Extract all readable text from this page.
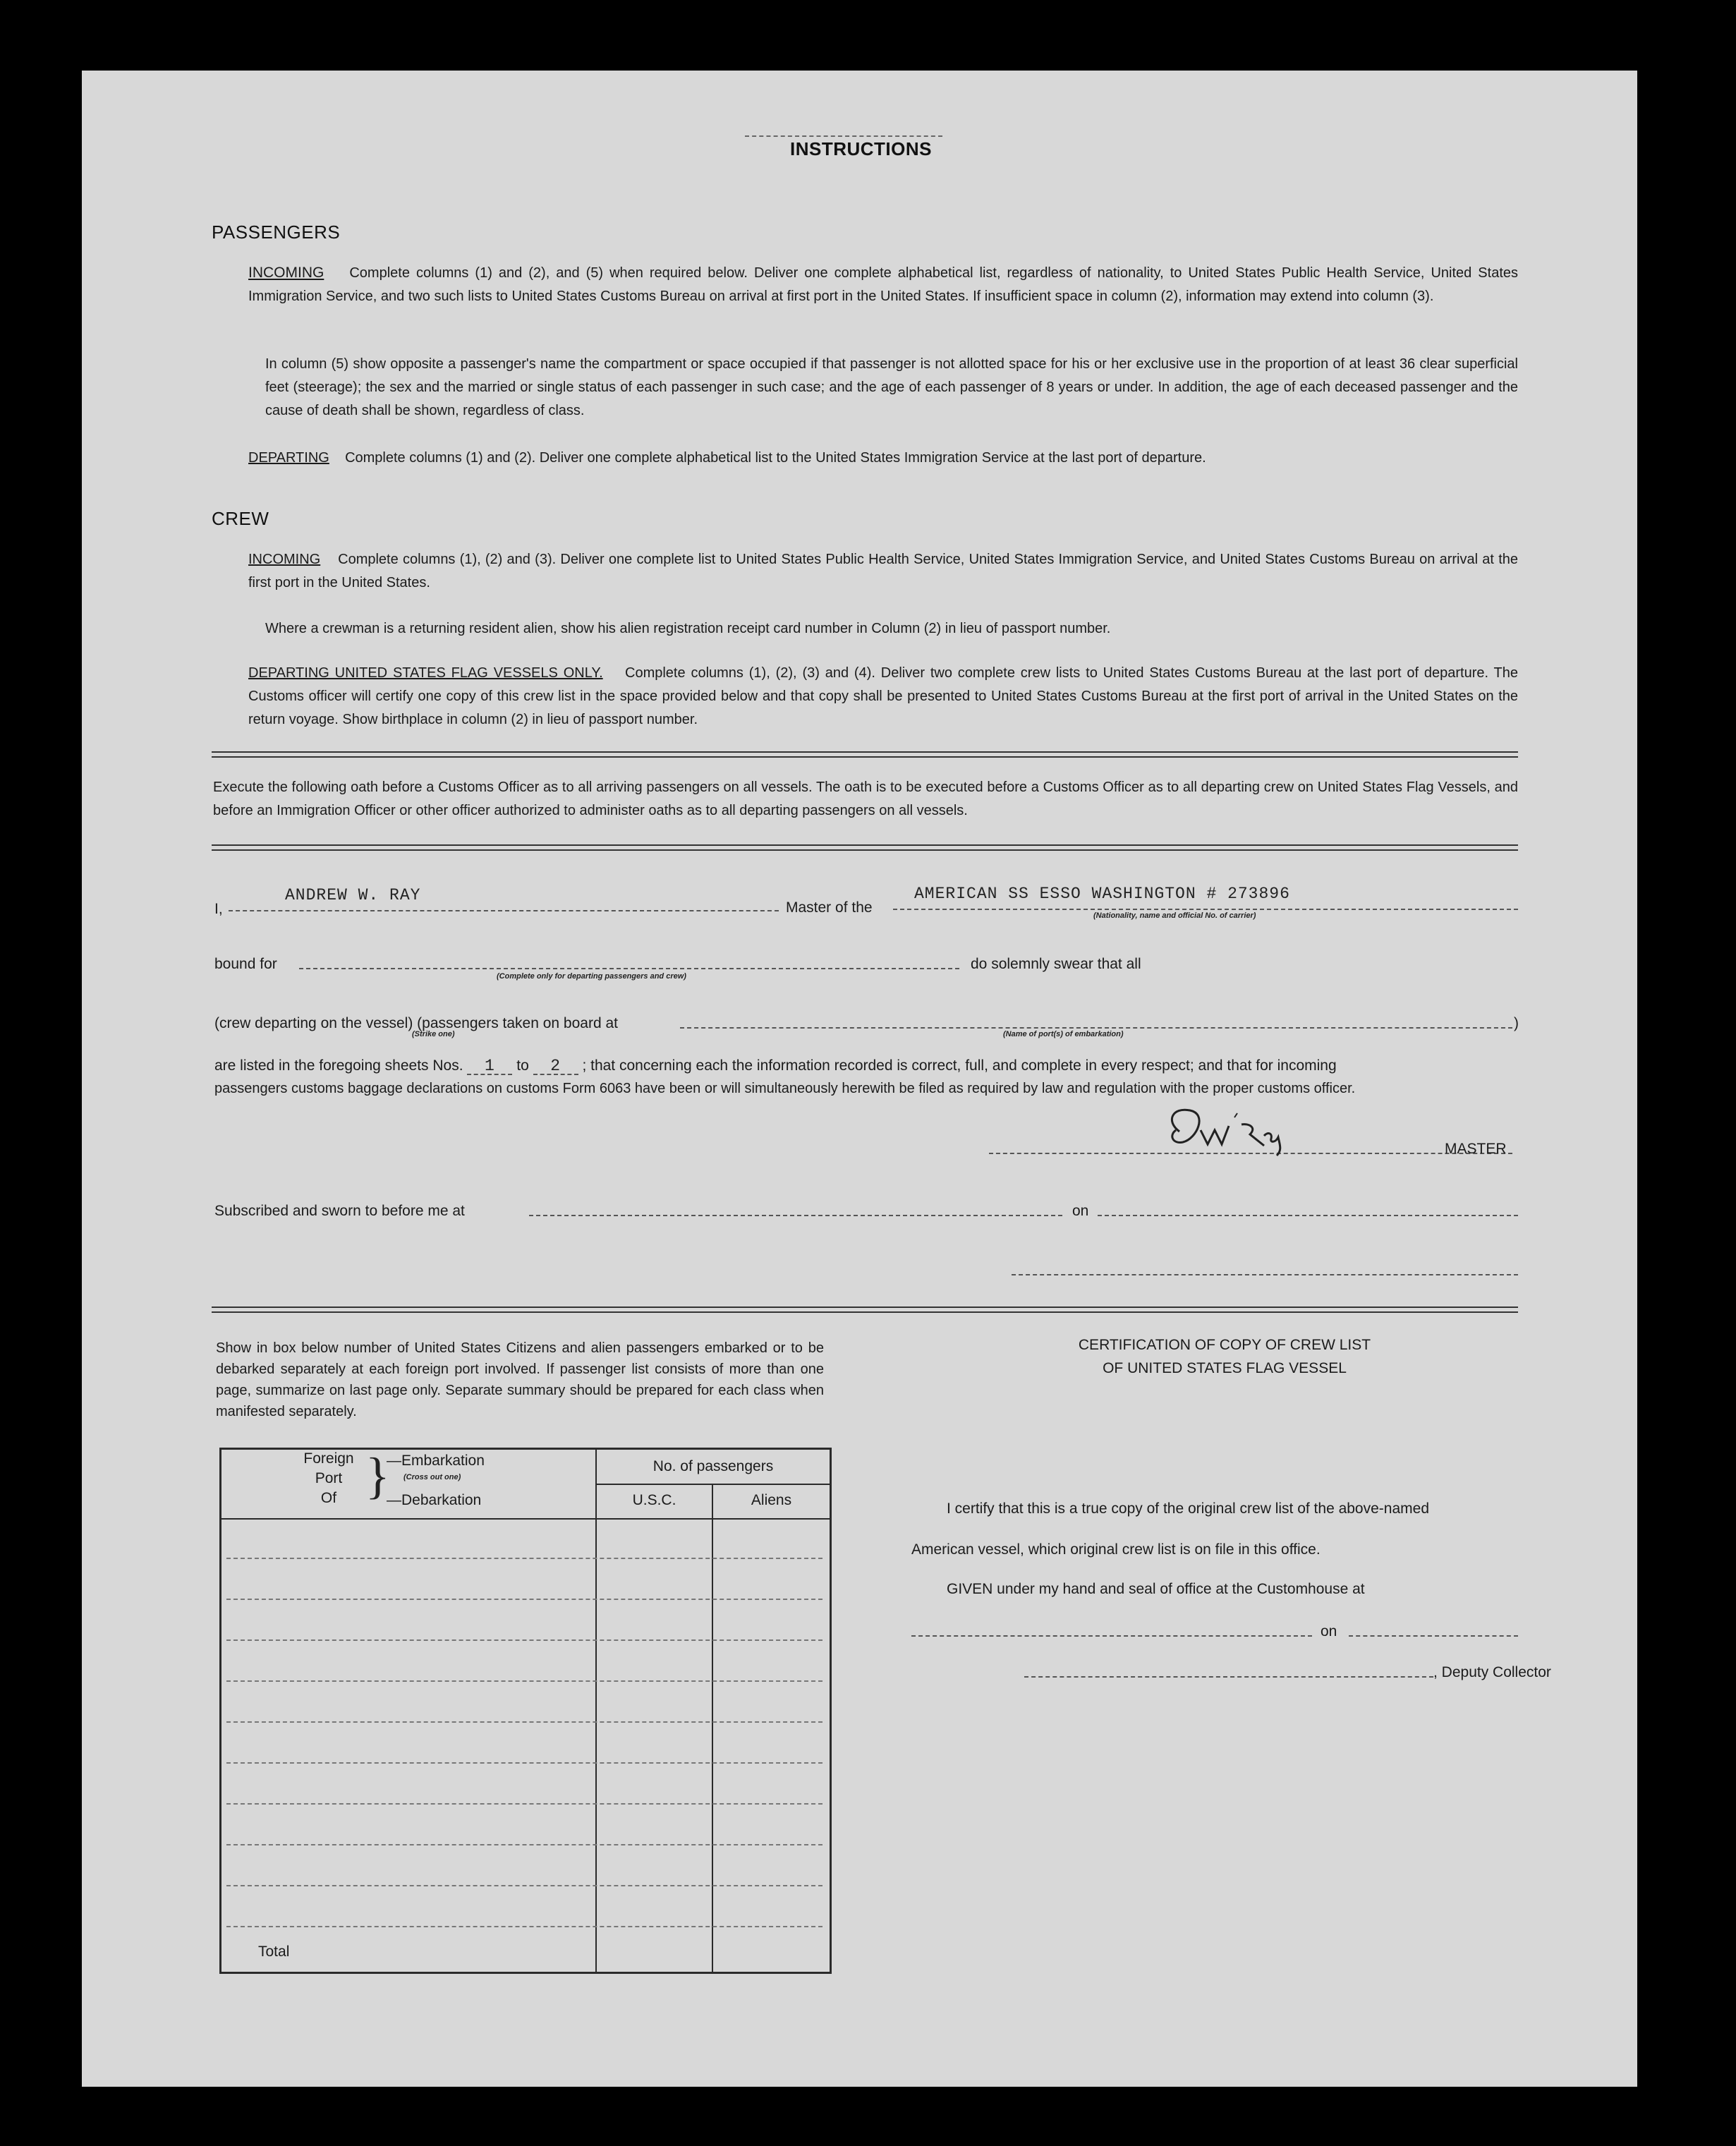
INSTRUCTIONS
PASSENGERS
INCOMING Complete columns (1) and (2), and (5) when required below. Deliver one complete alphabetical list, regardless of nationality, to United States Public Health Service, United States Immigration Service, and two such lists to United States Customs Bureau on arrival at first port in the United States. If insufficient space in column (2), information may extend into column (3).
In column (5) show opposite a passenger's name the compartment or space occupied if that passenger is not allotted space for his or her exclusive use in the proportion of at least 36 clear superficial feet (steerage); the sex and the married or single status of each passenger in such case; and the age of each passenger of 8 years or under. In addition, the age of each deceased passenger and the cause of death shall be shown, regardless of class.
DEPARTING Complete columns (1) and (2). Deliver one complete alphabetical list to the United States Immigration Service at the last port of departure.
CREW
INCOMING Complete columns (1), (2) and (3). Deliver one complete list to United States Public Health Service, United States Immigration Service, and United States Customs Bureau on arrival at the first port in the United States.
Where a crewman is a returning resident alien, show his alien registration receipt card number in Column (2) in lieu of passport number.
DEPARTING UNITED STATES FLAG VESSELS ONLY. Complete columns (1), (2), (3) and (4). Deliver two complete crew lists to United States Customs Bureau at the last port of departure. The Customs officer will certify one copy of this crew list in the space provided below and that copy shall be presented to United States Customs Bureau at the first port of arrival in the United States on the return voyage. Show birthplace in column (2) in lieu of passport number.
Execute the following oath before a Customs Officer as to all arriving passengers on all vessels. The oath is to be executed before a Customs Officer as to all departing crew on United States Flag Vessels, and before an Immigration Officer or other officer authorized to administer oaths as to all departing passengers on all vessels.
I,
ANDREW W. RAY
Master of the
AMERICAN SS ESSO WASHINGTON # 273896
(Nationality, name and official No. of carrier)
bound for
(Complete only for departing passengers and crew)
do solemnly swear that all
(crew departing on the vessel) (passengers taken on board at	)
(Strike one)	(Name of port(s) of embarkation)
are listed in the foregoing sheets Nos. 1 to 2 ; that concerning each the information recorded is correct, full, and complete in every respect; and that for incoming
passengers customs baggage declarations on customs Form 6063 have been or will simultaneously herewith be filed as required by law and regulation with the proper customs officer.
MASTER
Subscribed and sworn to before me at	on
Show in box below number of United States Citizens and alien passengers embarked or to be debarked separately at each foreign port involved. If passenger list consists of more than one page, summarize on last page only. Separate summary should be prepared for each class when manifested separately.
Foreign
Port
Of }
—Embarkation
(Cross out one)
—Debarkation
No. of passengers
U.S.C.	Aliens
Total
CERTIFICATION OF COPY OF CREW LIST
OF UNITED STATES FLAG VESSEL
I certify that this is a true copy of the original crew list of the above-named
American vessel, which original crew list is on file in this office.
GIVEN under my hand and seal of office at the Customhouse at
on
, Deputy Collector
